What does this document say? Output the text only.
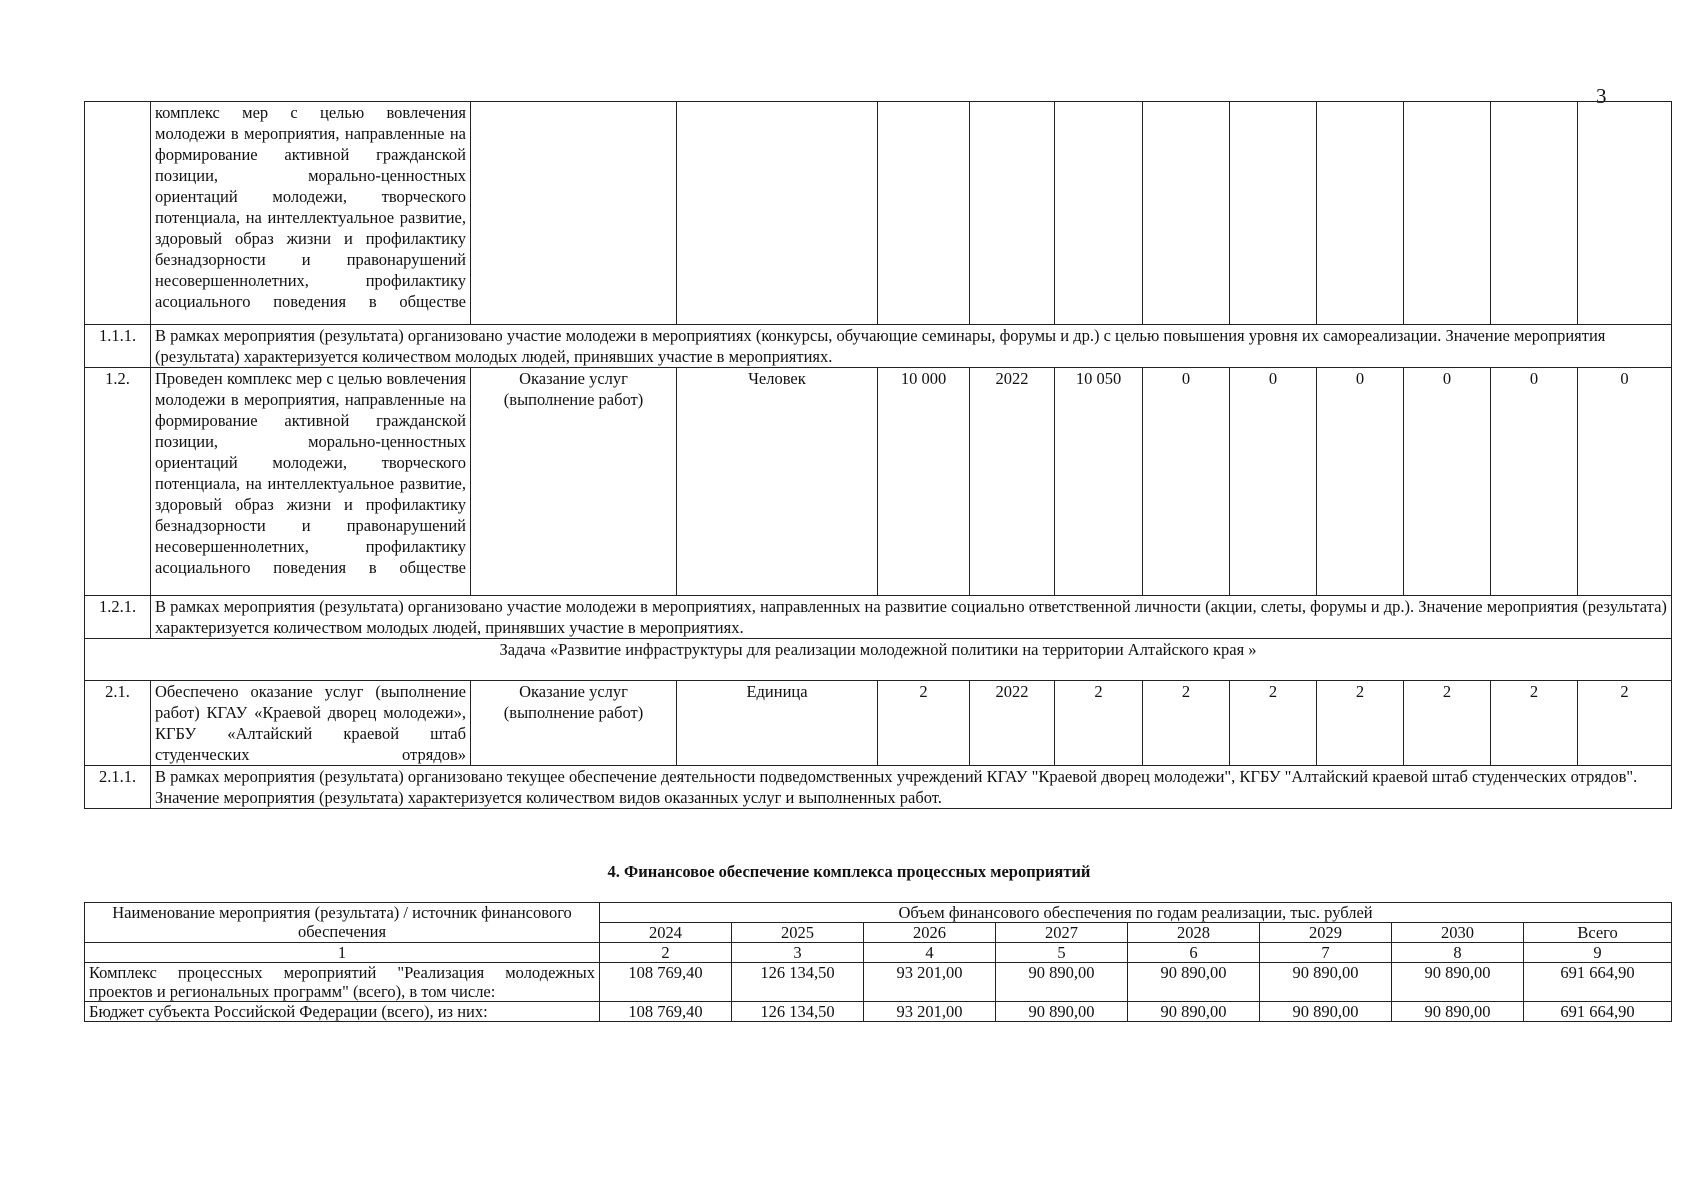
3
	комплекс мер с целью вовлечения молодежи в мероприятия, направленные на формирование активной гражданской позиции, морально-ценностных ориентаций молодежи, творческого потенциала, на интеллектуальное развитие, здоровый образ жизни и профилактику безнадзорности и правонарушений несовершеннолетних, профилактику асоциального поведения в обществе											
1.1.1.	В рамках мероприятия (результата) организовано участие молодежи в мероприятиях (конкурсы, обучающие семинары, форумы и др.) с целью повышения уровня их самореализации. Значение мероприятия (результата) характеризуется количеством молодых людей, принявших участие в мероприятиях.											
1.2.	Проведен комплекс мер с целью вовлечения молодежи в мероприятия, направленные на формирование активной гражданской позиции, морально-ценностных ориентаций молодежи, творческого потенциала, на интеллектуальное развитие, здоровый образ жизни и профилактику безнадзорности и правонарушений несовершеннолетних, профилактику асоциального поведения в обществе	Оказание услуг (выполнение работ)	Человек	10 000	2022	10 050	0	0	0	0	0	0
1.2.1.	В рамках мероприятия (результата) организовано участие молодежи в мероприятиях, направленных на развитие социально ответственной личности (акции, слеты, форумы и др.). Значение мероприятия (результата) характеризуется количеством молодых людей, принявших участие в мероприятиях.											
Задача «Развитие инфраструктуры для реализации молодежной политики на территории Алтайского края »												
2.1.	Обеспечено оказание услуг (выполнение работ) КГАУ «Краевой дворец молодежи», КГБУ «Алтайский краевой штаб студенческих отрядов»	Оказание услуг (выполнение работ)	Единица	2	2022	2	2	2	2	2	2	2
2.1.1.	В рамках мероприятия (результата) организовано текущее обеспечение деятельности подведомственных учреждений КГАУ "Краевой дворец молодежи", КГБУ "Алтайский краевой штаб студенческих отрядов". Значение мероприятия (результата) характеризуется количеством видов оказанных услуг и выполненных работ.											
4. Финансовое обеспечение комплекса процессных мероприятий
Наименование мероприятия (результата) / источник финансового обеспечения	Объем финансового обеспечения по годам реализации, тыс. рублей							
	2024	2025	2026	2027	2028	2029	2030	Всего
1	2	3	4	5	6	7	8	9
Комплекс процессных мероприятий "Реализация молодежных проектов и региональных программ" (всего), в том числе:	108 769,40	126 134,50	93 201,00	90 890,00	90 890,00	90 890,00	90 890,00	691 664,90
Бюджет субъекта Российской Федерации (всего), из них:	108 769,40	126 134,50	93 201,00	90 890,00	90 890,00	90 890,00	90 890,00	691 664,90
